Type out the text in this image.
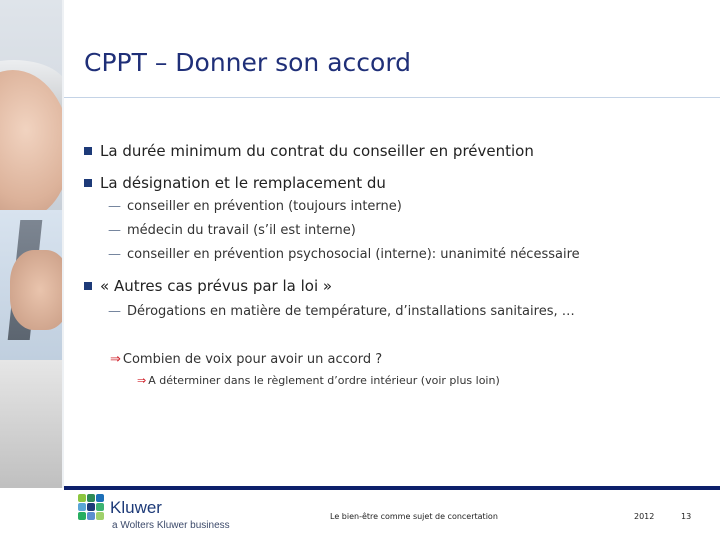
CPPT – Donner son accord
La durée minimum du contrat du conseiller en prévention
La désignation et le remplacement du
— conseiller en prévention (toujours interne)
— médecin du travail (s’il est interne)
— conseiller en prévention psychosocial (interne): unanimité nécessaire
« Autres cas prévus par la loi »
— Dérogations en matière de température, d’installations sanitaires, …
⇒ Combien de voix pour avoir un accord ?
⇒ A déterminer dans le règlement d’ordre intérieur (voir plus loin)
Kluwer
a Wolters Kluwer business
Le bien-être comme sujet de concertation	2012	13
